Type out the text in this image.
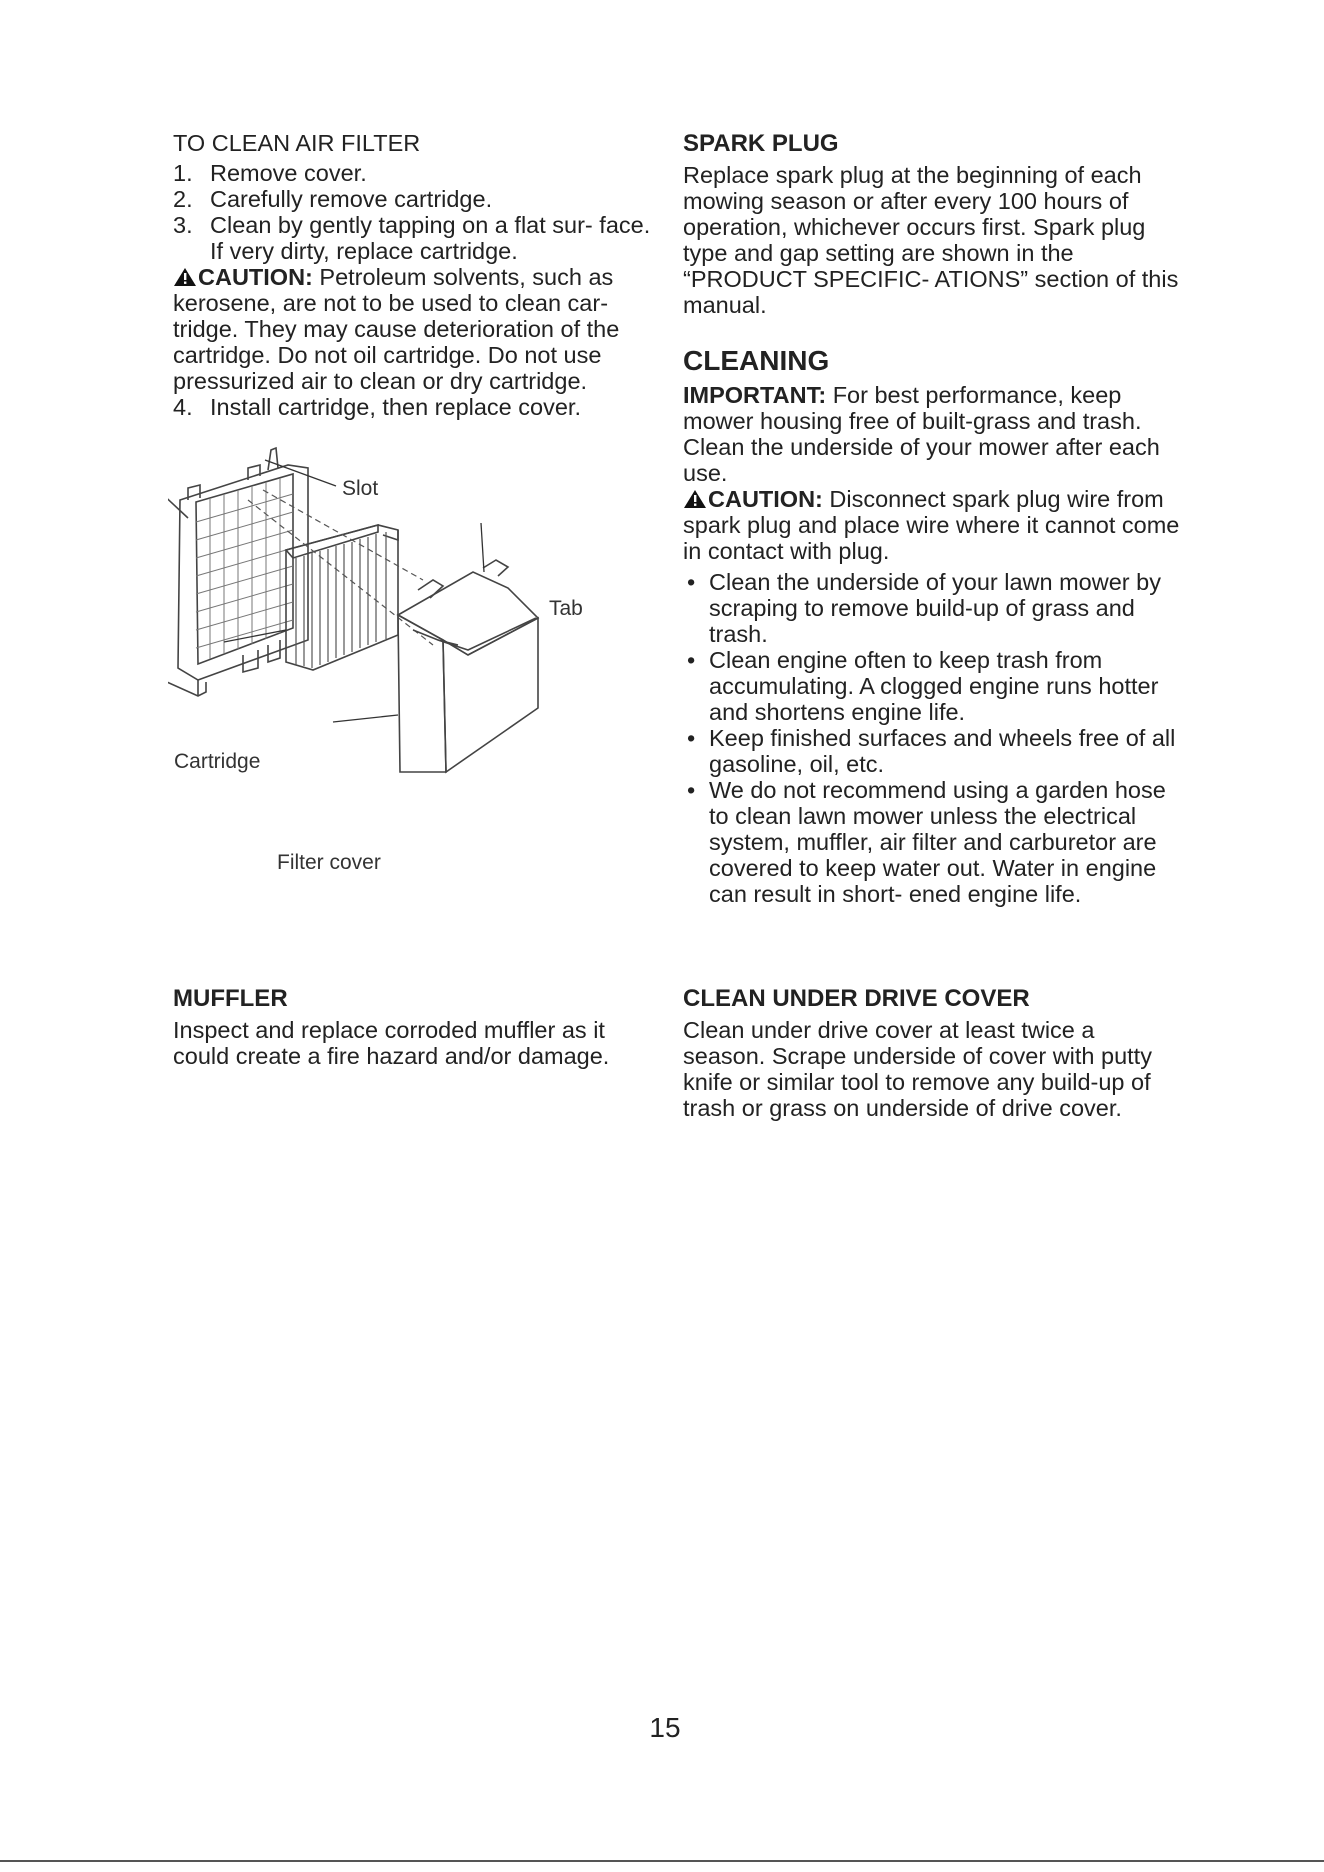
TO CLEAN AIR FILTER

1. Remove cover.
2. Carefully remove cartridge.
3. Clean by gently tapping on a flat sur- face. If very dirty, replace cartridge.

CAUTION: Petroleum solvents, such as kerosene, are not to be used to clean car- tridge. They may cause deterioration of the cartridge. Do not oil cartridge. Do not use pressurized air to clean or dry cartridge.

4. Install cartridge, then replace cover.
Slot
Tab
Cartridge
Filter cover

MUFFLER

Inspect and replace corroded muffler as it could create a fire hazard and/or damage.

SPARK PLUG

Replace spark plug at the beginning of each mowing season or after every 100 hours of operation, whichever occurs first. Spark plug type and gap setting are shown in the “PRODUCT SPECIFIC- ATIONS” section of this manual.

CLEANING

IMPORTANT: For best performance, keep mower housing free of built-grass and trash. Clean the underside of your mower after each use.

CAUTION: Disconnect spark plug wire from spark plug and place wire where it cannot come in contact with plug.

• Clean the underside of your lawn mower by scraping to remove build-up of grass and trash.
• Clean engine often to keep trash from accumulating. A clogged engine runs hotter and shortens engine life.
• Keep finished surfaces and wheels free of all gasoline, oil, etc.
• We do not recommend using a garden hose to clean lawn mower unless the electrical system, muffler, air filter and carburetor are covered to keep water out. Water in engine can result in short- ened engine life.

CLEAN UNDER DRIVE COVER

Clean under drive cover at least twice a season. Scrape underside of cover with putty knife or similar tool to remove any build-up of trash or grass on underside of drive cover.

15
